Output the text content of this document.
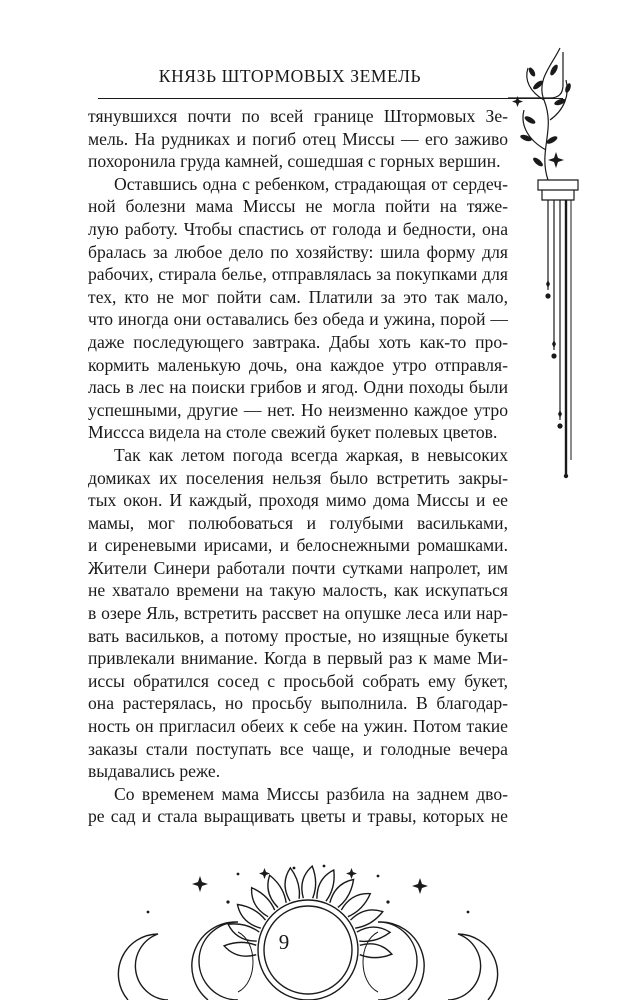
КНЯЗЬ ШТОРМОВЫХ ЗЕМЕЛЬ
тянувшихся почти по всей границе Штормовых Зе-
мель. На рудниках и погиб отец Миссы — его заживо
похоронила груда камней, сошедшая с горных вершин.
Оставшись одна с ребенком, страдающая от сердеч-
ной болезни мама Миссы не могла пойти на тяже-
лую работу. Чтобы спастись от голода и бедности, она
бралась за любое дело по хозяйству: шила форму для
рабочих, стирала белье, отправлялась за покупками для
тех, кто не мог пойти сам. Платили за это так мало,
что иногда они оставались без обеда и ужина, порой —
даже последующего завтрака. Дабы хоть как-то про-
кормить маленькую дочь, она каждое утро отправля-
лась в лес на поиски грибов и ягод. Одни походы были
успешными, другие — нет. Но неизменно каждое утро
Миссса видела на столе свежий букет полевых цветов.
Так как летом погода всегда жаркая, в невысоких
домиках их поселения нельзя было встретить закры-
тых окон. И каждый, проходя мимо дома Миссы и ее
мамы, мог полюбоваться и голубыми васильками,
и сиреневыми ирисами, и белоснежными ромашками.
Жители Синери работали почти сутками напролет, им
не хватало времени на такую малость, как искупаться
в озере Яль, встретить рассвет на опушке леса или нар-
вать васильков, а потому простые, но изящные букеты
привлекали внимание. Когда в первый раз к маме Ми-
иссы обратился сосед с просьбой собрать ему букет,
она растерялась, но просьбу выполнила. В благодар-
ность он пригласил обеих к себе на ужин. Потом такие
заказы стали поступать все чаще, и голодные вечера
выдавались реже.
Со временем мама Миссы разбила на заднем дво-
ре сад и стала выращивать цветы и травы, которых не
9
